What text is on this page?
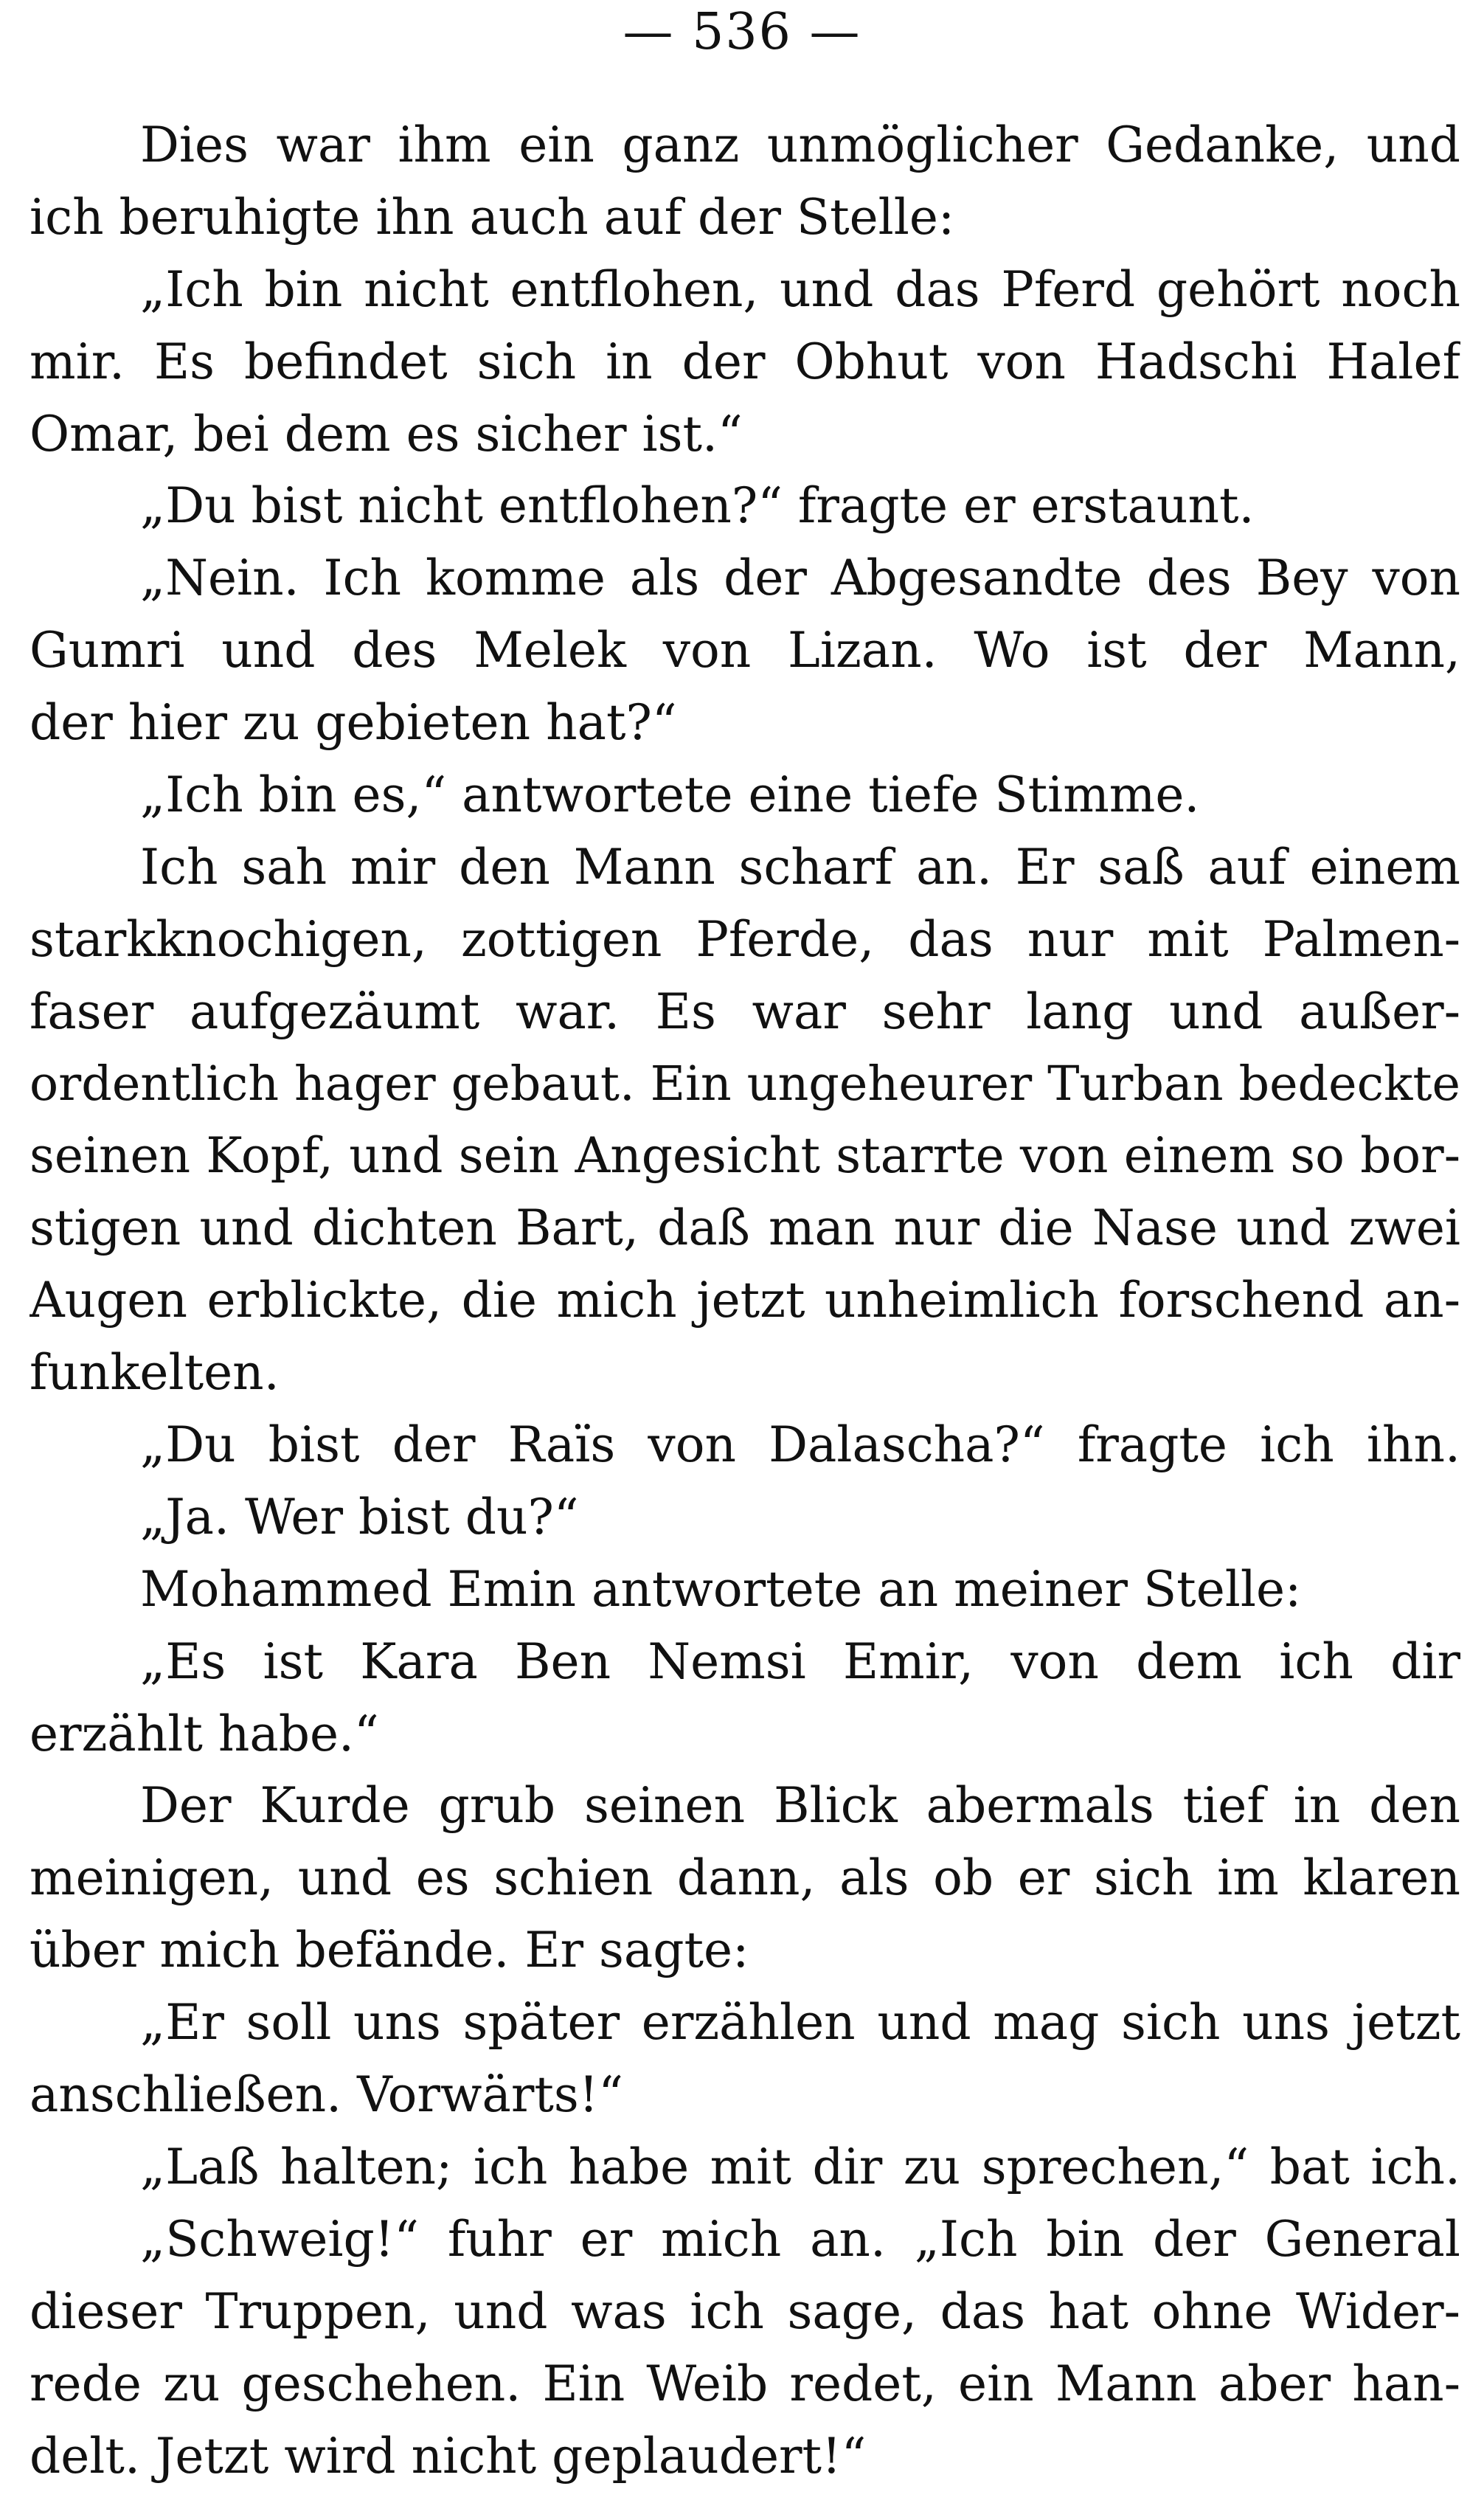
— 536 —
Dies war ihm ein ganz unmöglicher Gedanke, und
ich beruhigte ihn auch auf der Stelle:
„Ich bin nicht entflohen, und das Pferd gehört noch
mir. Es befindet sich in der Obhut von Hadschi Halef
Omar, bei dem es sicher ist.“
„Du bist nicht entflohen?“ fragte er erstaunt.
„Nein. Ich komme als der Abgesandte des Bey von
Gumri und des Melek von Lizan. Wo ist der Mann,
der hier zu gebieten hat?“
„Ich bin es,“ antwortete eine tiefe Stimme.
Ich sah mir den Mann scharf an. Er saß auf einem
starkknochigen, zottigen Pferde, das nur mit Palmen-
faser aufgezäumt war. Es war sehr lang und außer-
ordentlich hager gebaut. Ein ungeheurer Turban bedeckte
seinen Kopf, und sein Angesicht starrte von einem so bor-
stigen und dichten Bart, daß man nur die Nase und zwei
Augen erblickte, die mich jetzt unheimlich forschend an-
funkelten.
„Du bist der Raïs von Dalascha?“ fragte ich ihn.
„Ja. Wer bist du?“
Mohammed Emin antwortete an meiner Stelle:
„Es ist Kara Ben Nemsi Emir, von dem ich dir
erzählt habe.“
Der Kurde grub seinen Blick abermals tief in den
meinigen, und es schien dann, als ob er sich im klaren
über mich befände. Er sagte:
„Er soll uns später erzählen und mag sich uns jetzt
anschließen. Vorwärts!“
„Laß halten; ich habe mit dir zu sprechen,“ bat ich.
„Schweig!“ fuhr er mich an. „Ich bin der General
dieser Truppen, und was ich sage, das hat ohne Wider-
rede zu geschehen. Ein Weib redet, ein Mann aber han-
delt. Jetzt wird nicht geplaudert!“
